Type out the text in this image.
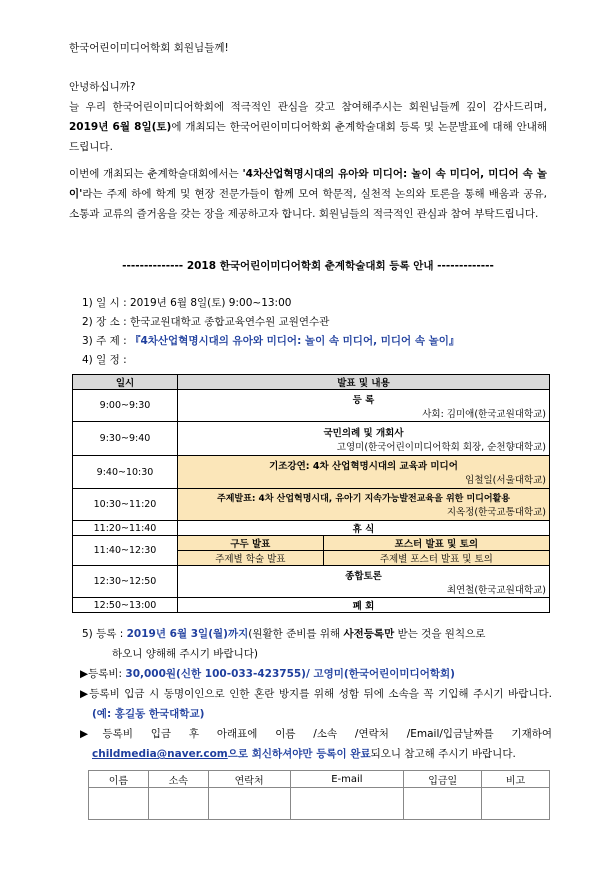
한국어린이미디어학회 회원님들께!
안녕하십니까?
늘 우리 한국어린이미디어학회에 적극적인 관심을 갖고 참여해주시는 회원님들께 깊이 감사드리며, 2019년 6월 8일(토)에 개최되는 한국어린이미디어학회 춘계학술대회 등록 및 논문발표에 대해 안내해 드립니다.
이번에 개최되는 춘계학술대회에서는 '4차산업혁명시대의 유아와 미디어: 놀이 속 미디어, 미디어 속 놀이'라는 주제 하에 학계 및 현장 전문가들이 함께 모여 학문적, 실천적 논의와 토론을 통해 배움과 공유, 소통과 교류의 즐거움을 갖는 장을 제공하고자 합니다. 회원님들의 적극적인 관심과 참여 부탁드립니다.
-------------- 2018 한국어린이미디어학회 춘계학술대회 등록 안내 -------------
1) 일 시 : 2019년 6월 8일(토) 9:00~13:00
2) 장 소 : 한국교원대학교 종합교육연수원 교원연수관
3) 주 제 : 『4차산업혁명시대의 유아와 미디어: 놀이 속 미디어, 미디어 속 놀이』
4) 일 정 :
일시	발표 및 내용	
9:00~9:30	등 록
사회: 김미애(한국교원대학교)	

9:30~9:40	국민의례 및 개회사
고영미(한국어린이미디어학회 회장, 순천향대학교)	

9:40~10:30	기조강연: 4차 산업혁명시대의 교육과 미디어
임철일(서울대학교)	

10:30~11:20	주제발표: 4차 산업혁명시대, 유아기 지속가능발전교육을 위한 미디어활용
지옥정(한국교통대학교)	

11:20~11:40	휴 식	
11:40~12:30	구두 발표	포스터 발표 및 토의
	주제별 학술 발표	주제별 포스터 발표 및 토의
12:30~12:50	종합토론
최연철(한국교원대학교)	

12:50~13:00	폐 회	
5) 등록 : 2019년 6월 3일(월)까지(원활한 준비를 위해 사전등록만 받는 것을 원칙으로
하오니 양해해 주시기 바랍니다)
▶등록비: 30,000원(신한 100-033-423755)/ 고영미(한국어린이미디어학회)
▶등록비 입금 시 동명이인으로 인한 혼란 방지를 위해 성함 뒤에 소속을 꼭 기입해 주시기 바랍니다.(예: 홍길동 한국대학교)
▶등록비 입금 후 아래표에 이름 /소속 /연락처 /Email/입금날짜를 기재하여 childmedia@naver.com으로 회신하셔야만 등록이 완료되오니 참고해 주시기 바랍니다.
이름	소속	연락처	E-mail	입금일	비고
